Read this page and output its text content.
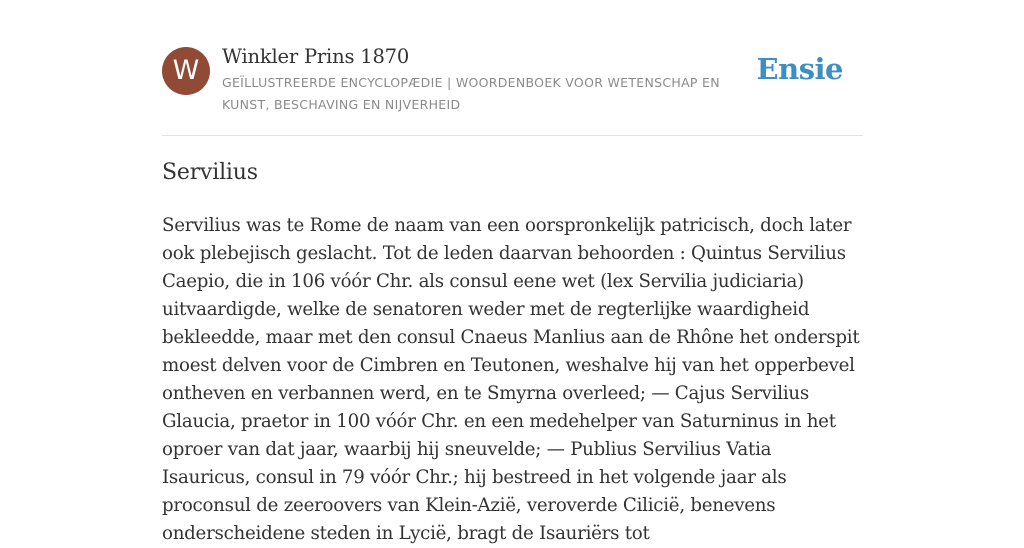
W	Winkler Prins 1870
GEÏLLUSTREERDE ENCYCLOPÆDIE | WOORDENBOEK VOOR WETENSCHAP EN KUNST, BESCHAVING EN NIJVERHEID
Ensie
Servilius

Servilius was te Rome de naam van een oorspronkelijk patricisch, doch later ook plebejisch geslacht. Tot de leden daarvan behoorden : Quintus Servilius Caepio, die in 106 vóór Chr. als consul eene wet (lex Servilia judiciaria) uitvaardigde, welke de senatoren weder met de regterlijke waardigheid bekleedde, maar met den consul Cnaeus Manlius aan de Rhône het onderspit moest delven voor de Cimbren en Teutonen, weshalve hij van het opperbevel ontheven en verbannen werd, en te Smyrna overleed; — Cajus Servilius Glaucia, praetor in 100 vóór Chr. en een medehelper van Saturninus in het oproer van dat jaar, waarbij hij sneuvelde; — Publius Servilius Vatia Isauricus, consul in 79 vóór Chr.; hij bestreed in het volgende jaar als proconsul de zeeroovers van Klein-Azië, veroverde Cilicië, benevens onderscheidene steden in Lycië, bragt de Isauriërs tot
